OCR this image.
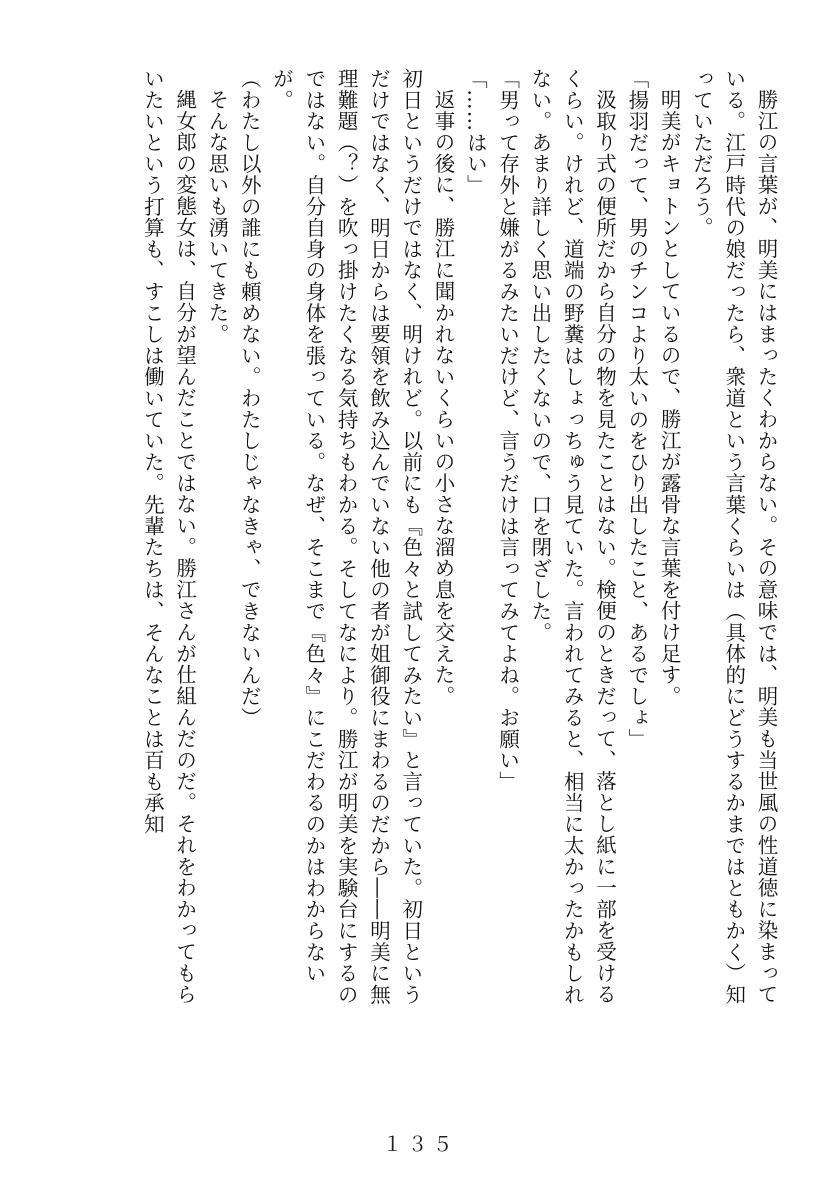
勝江の言葉が、明美にはまったくわからない。その意味では、明美も当世風の性道徳に染まっている。江戸時代の娘だったら、衆道という言葉くらいは（具体的にどうするかまではともかく）知っていただろう。

明美がキョトンとしているので、勝江が露骨な言葉を付け足す。

「揚羽だって、男のチンコより太いのをひり出したこと、あるでしょ」

汲取り式の便所だから自分の物を見たことはない。検便のときだって、落とし紙に一部を受けるくらい。けれど、道端の野糞はしょっちゅう見ていた。言われてみると、相当に太かったかもしれない。あまり詳しく思い出したくないので、口を閉ざした。

「男って存外と嫌がるみたいだけど、言うだけは言ってみてよね。お願い」

「……はい」

返事の後に、勝江に聞かれないくらいの小さな溜め息を交えた。

初日というだけではなく、明けれど。以前にも『色々と試してみたい』と言っていた。初日というだけではなく、明日からは要領を飲み込んでいない他の者が姐御役にまわるのだから――明美に無理難題（？）を吹っ掛けたくなる気持ちもわかる。そしてなにより。勝江が明美を実験台にするのではない。自分自身の身体を張っている。なぜ、そこまで『色々』にこだわるのかはわからないが。

（わたし以外の誰にも頼めない。わたしじゃなきゃ、できないんだ）

そんな思いも湧いてきた。

縄女郎の変態女は、自分が望んだことではない。勝江さんが仕組んだのだ。それをわかってもらいたいという打算も、すこしは働いていた。先輩たちは、そんなことは百も承知

１３５
